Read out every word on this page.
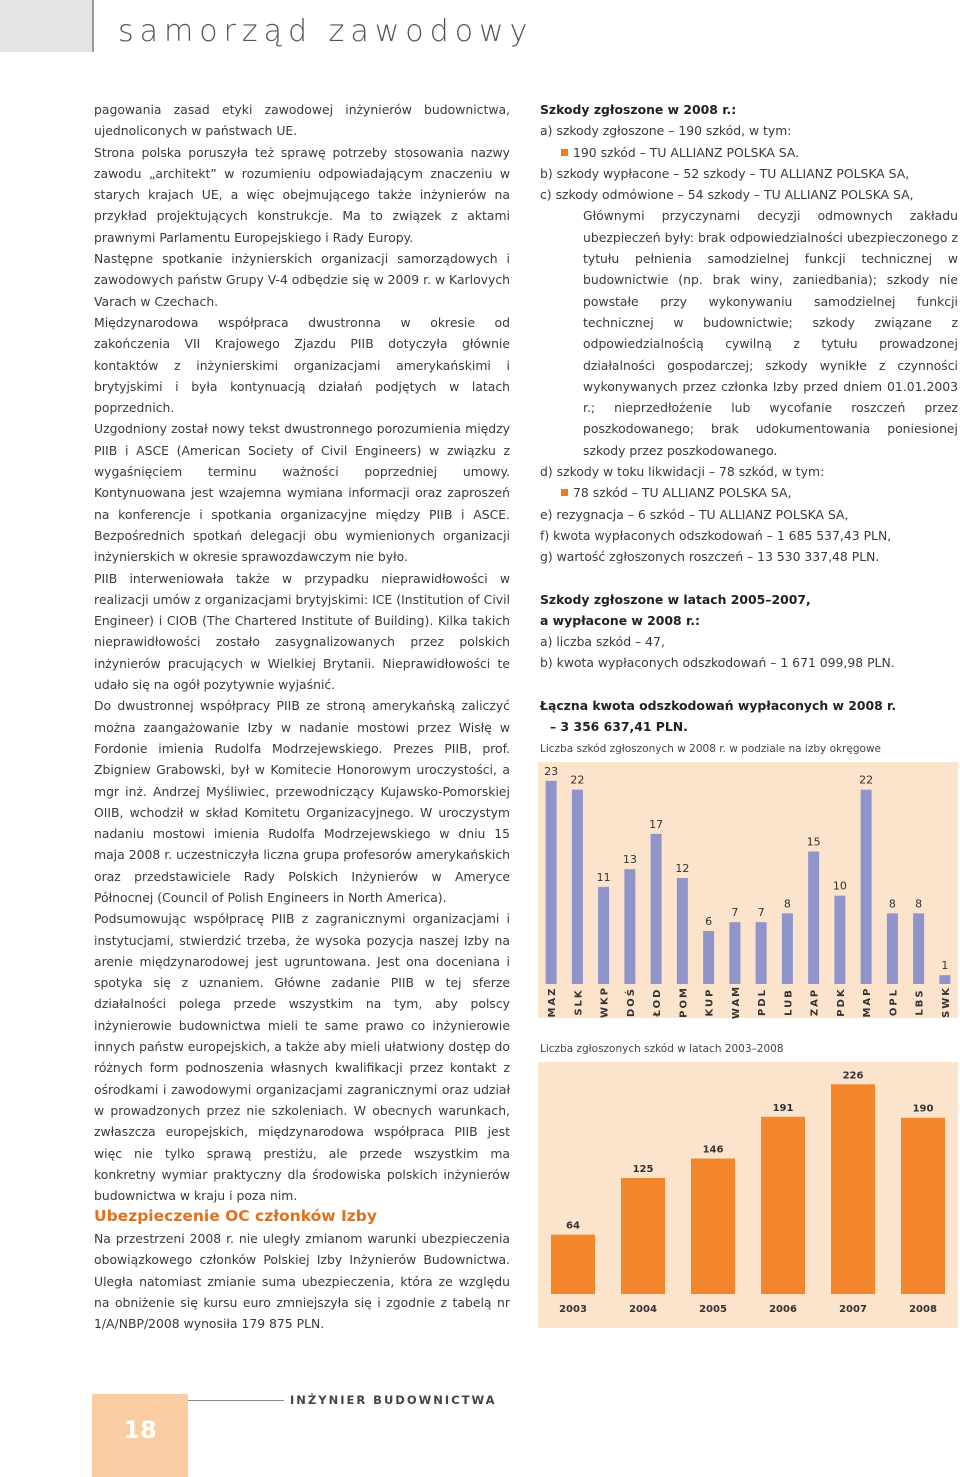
samorząd zawodowy

pagowania zasad etyki zawodowej inżynierów budownictwa, ujednoliconych w państwach UE.

Strona polska poruszyła też sprawę potrzeby stosowania nazwy zawodu „architekt” w rozumieniu odpowiadającym znaczeniu w starych krajach UE, a więc obejmującego także inżynierów na przykład projektujących konstrukcje. Ma to związek z aktami prawnymi Parlamentu Europejskiego i Rady Europy.

Następne spotkanie inżynierskich organizacji samorządowych i zawodowych państw Grupy V-4 odbędzie się w 2009 r. w Karlovych Varach w Czechach.

Międzynarodowa współpraca dwustronna w okresie od zakończenia VII Krajowego Zjazdu PIIB dotyczyła głównie kontaktów z inżynierskimi organizacjami amerykańskimi i brytyjskimi i była kontynuacją działań podjętych w latach poprzednich.

Uzgodniony został nowy tekst dwustronnego porozumienia między PIIB i ASCE (American Society of Civil Engineers) w związku z wygaśnięciem terminu ważności poprzedniej umowy. Kontynuowana jest wzajemna wymiana informacji oraz zaproszeń na konferencje i spotkania organizacyjne między PIIB i ASCE. Bezpośrednich spotkań delegacji obu wymienionych organizacji inżynierskich w okresie sprawozdawczym nie było.

PIIB interweniowała także w przypadku nieprawidłowości w realizacji umów z organizacjami brytyjskimi: ICE (Institution of Civil Engineer) i CIOB (The Chartered Institute of Building). Kilka takich nieprawidłowości zostało zasygnalizowanych przez polskich inżynierów pracujących w Wielkiej Brytanii. Nieprawidłowości te udało się na ogół pozytywnie wyjaśnić.

Do dwustronnej współpracy PIIB ze stroną amerykańską zaliczyć można zaangażowanie Izby w nadanie mostowi przez Wisłę w Fordonie imienia Rudolfa Modrzejewskiego. Prezes PIIB, prof. Zbigniew Grabowski, był w Komitecie Honorowym uroczystości, a mgr inż. Andrzej Myśliwiec, przewodniczący Kujawsko-Pomorskiej OIIB, wchodził w skład Komitetu Organizacyjnego. W uroczystym nadaniu mostowi imienia Rudolfa Modrzejewskiego w dniu 15 maja 2008 r. uczestniczyła liczna grupa profesorów amerykańskich oraz przedstawiciele Rady Polskich Inżynierów w Ameryce Północnej (Council of Polish Engineers in North America).

Podsumowując współpracę PIIB z zagranicznymi organizacjami i instytucjami, stwierdzić trzeba, że wysoka pozycja naszej Izby na arenie międzynarodowej jest ugruntowana. Jest ona doceniana i spotyka się z uznaniem. Główne zadanie PIIB w tej sferze działalności polega przede wszystkim na tym, aby polscy inżynierowie budownictwa mieli te same prawo co inżynierowie innych państw europejskich, a także aby mieli ułatwiony dostęp do różnych form podnoszenia własnych kwalifikacji przez kontakt z ośrodkami i zawodowymi organizacjami zagranicznymi oraz udział w prowadzonych przez nie szkoleniach. W obecnych warunkach, zwłaszcza europejskich, międzynarodowa współpraca PIIB jest więc nie tylko sprawą prestiżu, ale przede wszystkim ma konkretny wymiar praktyczny dla środowiska polskich inżynierów budownictwa w kraju i poza nim.

Ubezpieczenie OC członków Izby
Na przestrzeni 2008 r. nie uległy zmianom warunki ubezpieczenia obowiązkowego członków Polskiej Izby Inżynierów Budownictwa. Uległa natomiast zmianie suma ubezpieczenia, która ze względu na obniżenie się kursu euro zmniejszyła się i zgodnie z tabelą nr 1/A/NBP/2008 wynosiła 179 875 PLN.

Szkody zgłoszone w 2008 r.:

a) szkody zgłoszone – 190 szkód, w tym:

190 szkód – TU ALLIANZ POLSKA SA.

b) szkody wypłacone – 52 szkody – TU ALLIANZ POLSKA SA,

c) szkody odmówione – 54 szkody – TU ALLIANZ POLSKA SA,

Głównymi przyczynami decyzji odmownych zakładu ubezpieczeń były: brak odpowiedzialności ubezpieczonego z tytułu pełnienia samodzielnej funkcji technicznej w budownictwie (np. brak winy, zaniedbania); szkody nie powstałe przy wykonywaniu samodzielnej funkcji technicznej w budownictwie; szkody związane z odpowiedzialnością cywilną z tytułu prowadzonej działalności gospodarczej; szkody wynikłe z czynności wykonywanych przez członka Izby przed dniem 01.01.2003 r.; nieprzedłożenie lub wycofanie roszczeń przez poszkodowanego; brak udokumentowania poniesionej szkody przez poszkodowanego.

d) szkody w toku likwidacji – 78 szkód, w tym:

78 szkód – TU ALLIANZ POLSKA SA,

e) rezygnacja – 6 szkód – TU ALLIANZ POLSKA SA,

f) kwota wypłaconych odszkodowań – 1 685 537,43 PLN,

g) wartość zgłoszonych roszczeń – 13 530 337,48 PLN.

Szkody zgłoszone w latach 2005–2007,

a wypłacone w 2008 r.:

a) liczba szkód – 47,

b) kwota wypłaconych odszkodowań – 1 671 099,98 PLN.

Łączna kwota odszkodowań wypłaconych w 2008 r.

– 3 356 637,41 PLN.

Liczba szkód zgłoszonych w 2008 r. w podziale na izby okręgowe
23
MAZ
22
SLK
11
WKP
13
DOŚ
17
ŁOD
12
POM
6
KUP
7
WAM
7
PDL
8
LUB
15
ZAP
10
PDK
22
MAP
8
OPL
8
LBS
1
SWK
Liczba zgłoszonych szkód w latach 2003–2008
64
2003
125
2004
146
2005
191
2006
226
2007
190
2008
INŻYNIER BUDOWNICTWA
18
